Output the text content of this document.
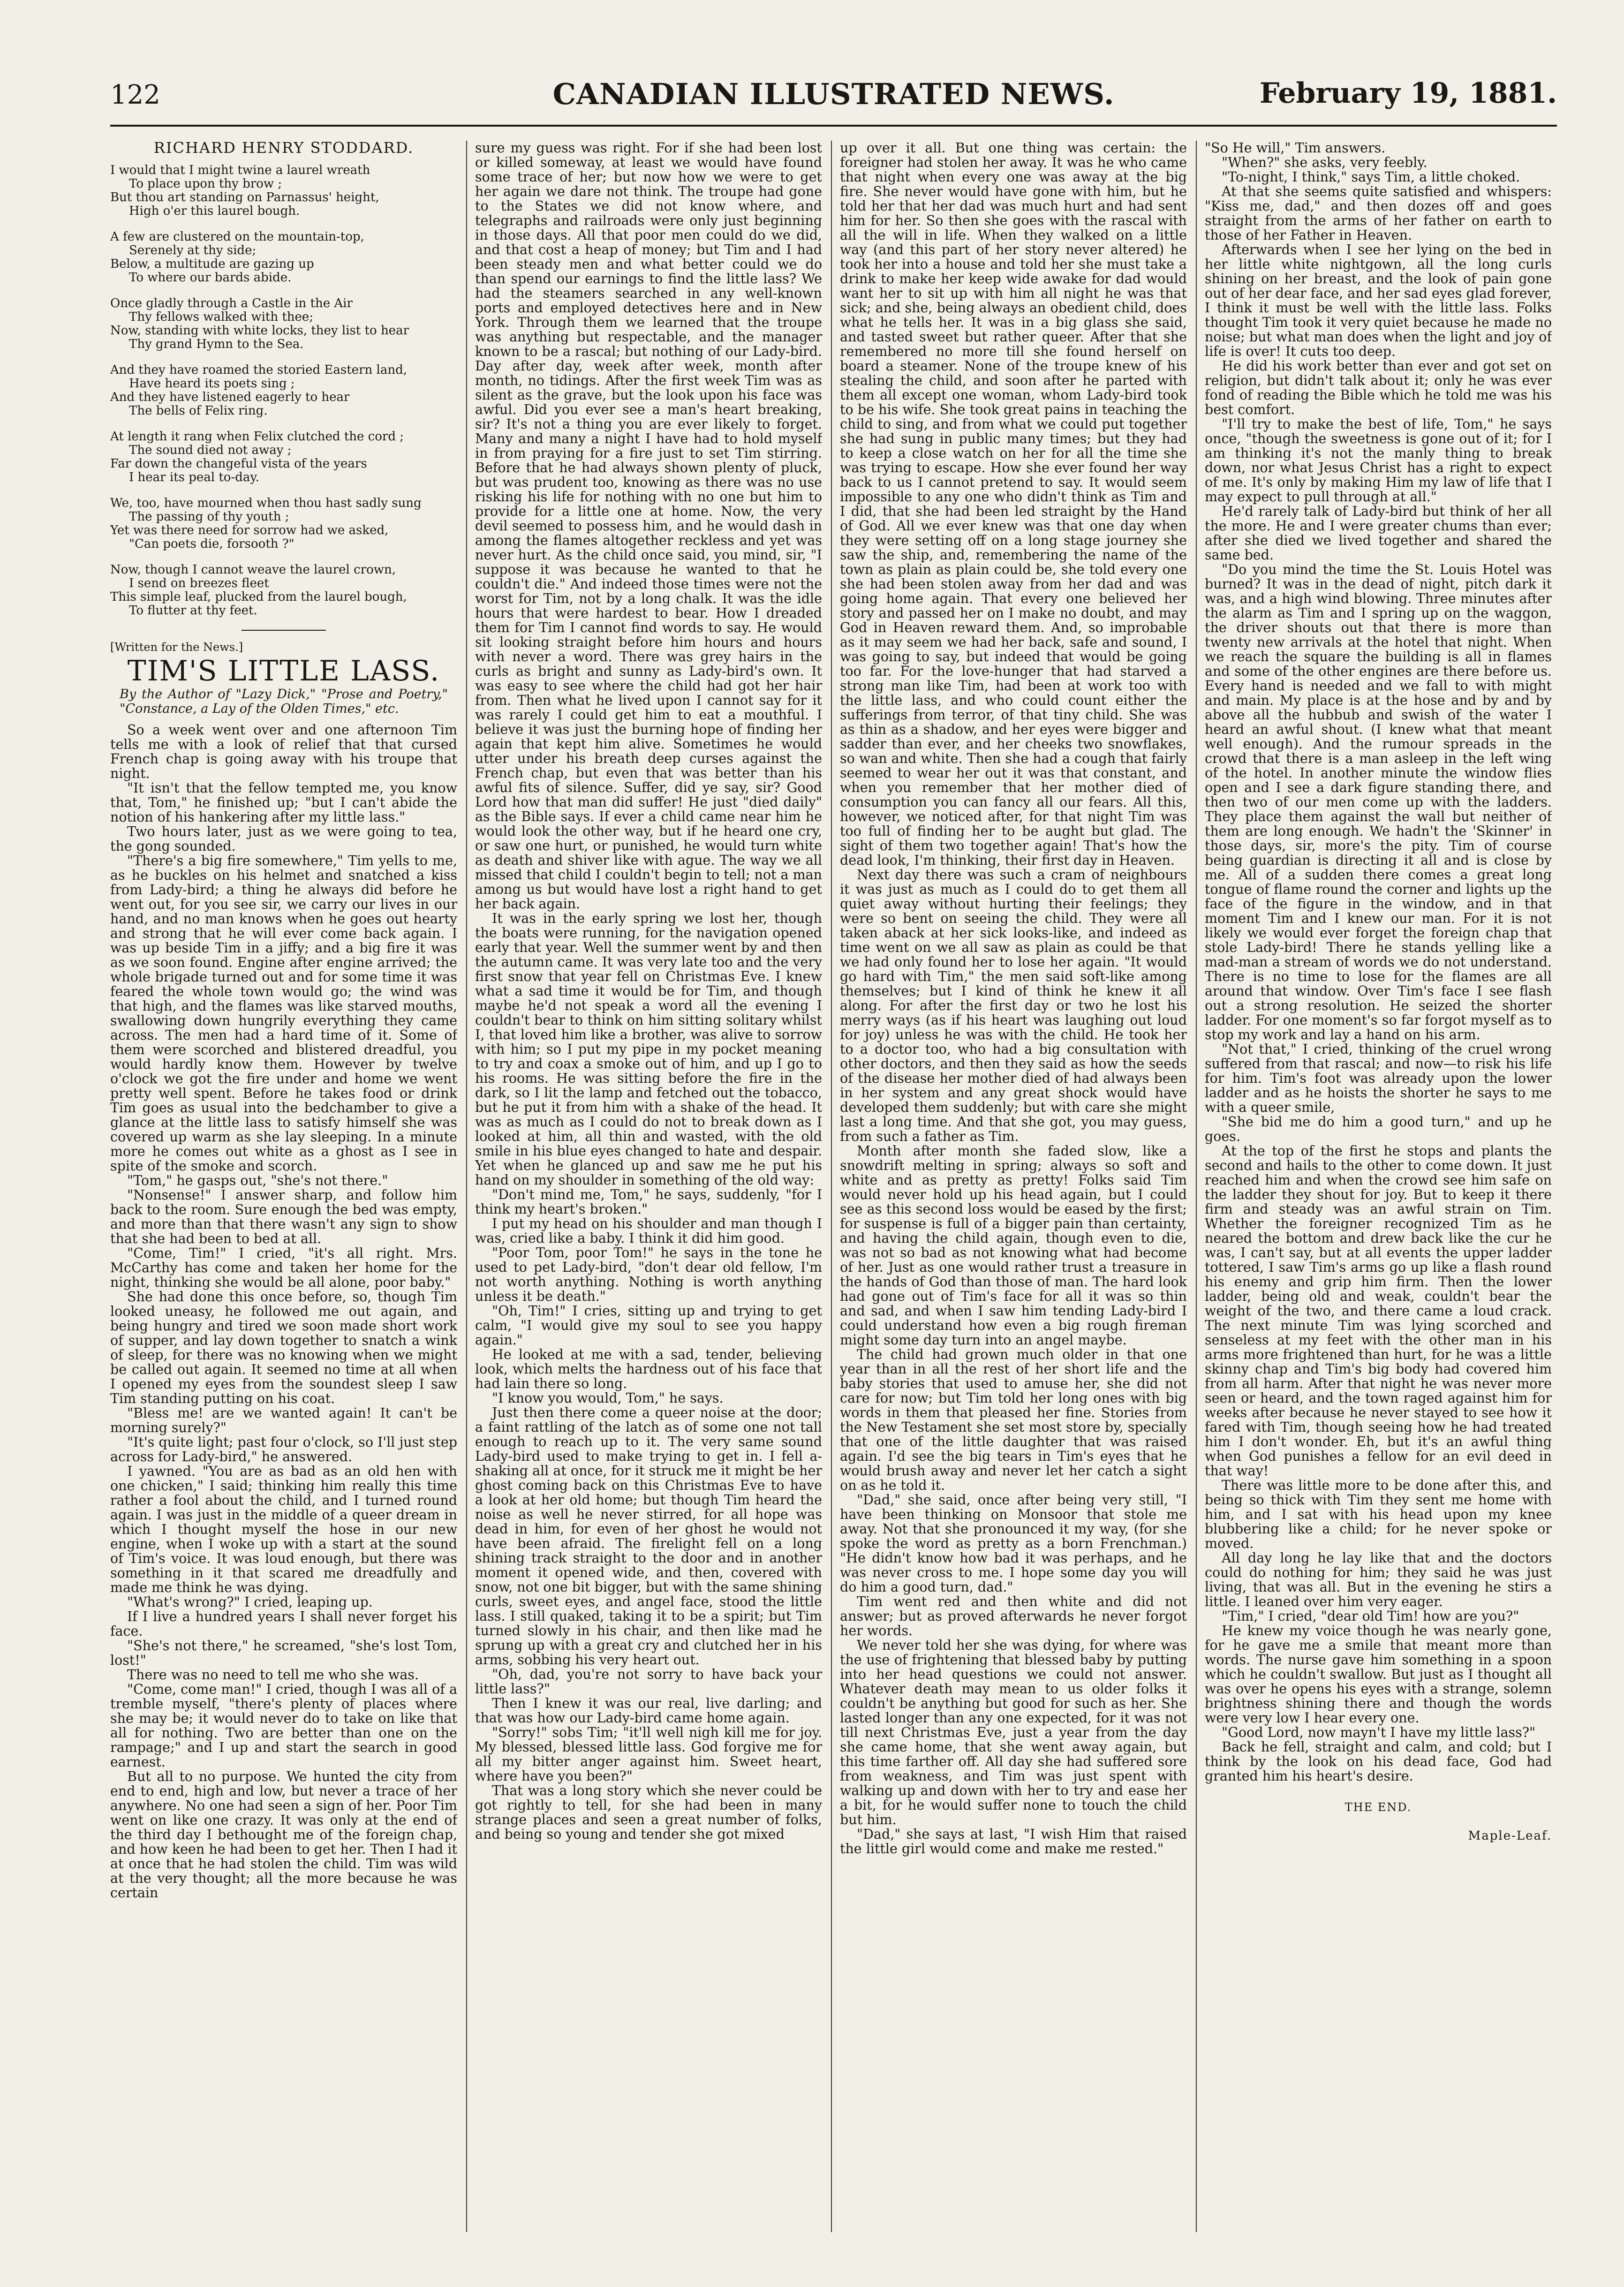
122	CANADIAN ILLUSTRATED NEWS.	February 19, 1881.
RICHARD HENRY STODDARD.
I would that I might twine a laurel wreath
To place upon thy brow ;
But thou art standing on Parnassus' height,
High o'er this laurel bough.
A few are clustered on the mountain-top,
Serenely at thy side;
Below, a multitude are gazing up
To where our bards abide.
Once gladly through a Castle in the Air
Thy fellows walked with thee;
Now, standing with white locks, they list to hear
Thy grand Hymn to the Sea.
And they have roamed the storied Eastern land,
Have heard its poets sing ;
And they have listened eagerly to hear
The bells of Felix ring.
At length it rang when Felix clutched the cord ;
The sound died not away ;
Far down the changeful vista of the years
I hear its peal to-day.
We, too, have mourned when thou hast sadly sung
The passing of thy youth ;
Yet was there need for sorrow had we asked,
"Can poets die, forsooth ?"
Now, though I cannot weave the laurel crown,
I send on breezes fleet
This simple leaf, plucked from the laurel bough,
To flutter at thy feet.
[Written for the News.]
TIM'S LITTLE LASS.
By the Author of "Lazy Dick," "Prose and Poetry," "Constance, a Lay of the Olden Times," etc.

So a week went over and one afternoon Tim tells me with a look of relief that that cursed French chap is going away with his troupe that night.

"It isn't that the fellow tempted me, you know that, Tom," he finished up; "but I can't abide the notion of his hankering after my little lass."

Two hours later, just as we were going to tea, the gong sounded.

"There's a big fire somewhere," Tim yells to me, as he buckles on his helmet and snatched a kiss from Lady-bird; a thing he always did before he went out, for you see sir, we carry our lives in our hand, and no man knows when he goes out hearty and strong that he will ever come back again. I was up beside Tim in a jiffy; and a big fire it was as we soon found. Engine after engine arrived; the whole brigade turned out and for some time it was feared the whole town would go; the wind was that high, and the flames was like starved mouths, swallowing down hungrily everything they came across. The men had a hard time of it. Some of them were scorched and blistered dreadful, you would hardly know them. However by twelve o'clock we got the fire under and home we went pretty well spent. Before he takes food or drink Tim goes as usual into the bedchamber to give a glance at the little lass to satisfy himself she was covered up warm as she lay sleeping. In a minute more he comes out white as a ghost as I see in spite of the smoke and scorch.

"Tom," he gasps out, "she's not there."

"Nonsense!" I answer sharp, and follow him back to the room. Sure enough the bed was empty, and more than that there wasn't any sign to show that she had been to bed at all.

"Come, Tim!" I cried, "it's all right. Mrs. McCarthy has come and taken her home for the night, thinking she would be all alone, poor baby."

She had done this once before, so, though Tim looked uneasy, he followed me out again, and being hungry and tired we soon made short work of supper, and lay down together to snatch a wink of sleep, for there was no knowing when we might be called out again. It seemed no time at all when I opened my eyes from the soundest sleep I saw Tim standing putting on his coat.

"Bless me! are we wanted again! It can't be morning surely?"

"It's quite light; past four o'clock, so I'll just step across for Lady-bird," he answered.

I yawned. "You are as bad as an old hen with one chicken," I said; thinking him really this time rather a fool about the child, and I turned round again. I was just in the middle of a queer dream in which I thought myself the hose in our new engine, when I woke up with a start at the sound of Tim's voice. It was loud enough, but there was something in it that scared me dreadfully and made me think he was dying.

"What's wrong?" I cried, leaping up.

If I live a hundred years I shall never forget his face.

"She's not there," he screamed, "she's lost Tom, lost!"

There was no need to tell me who she was.

"Come, come man!" I cried, though I was all of a tremble myself, "there's plenty of places where she may be; it would never do to take on like that all for nothing. Two are better than one on the rampage;" and I up and start the search in good earnest.

But all to no purpose. We hunted the city from end to end, high and low, but never a trace of her anywhere. No one had seen a sign of her. Poor Tim went on like one crazy. It was only at the end of the third day I bethought me of the foreign chap, and how keen he had been to get her. Then I had it at once that he had stolen the child. Tim was wild at the very thought; all the more because he was certain

sure my guess was right. For if she had been lost or killed someway, at least we would have found some trace of her; but now how we were to get her again we dare not think. The troupe had gone to the States we did not know where, and telegraphs and railroads were only just beginning in those days. All that poor men could do we did, and that cost a heap of money; but Tim and I had been steady men and what better could we do than spend our earnings to find the little lass? We had the steamers searched in any well-known ports and employed detectives here and in New York. Through them we learned that the troupe was anything but respectable, and the manager known to be a rascal; but nothing of our Lady-bird. Day after day, week after week, month after month, no tidings. After the first week Tim was as silent as the grave, but the look upon his face was awful. Did you ever see a man's heart breaking, sir? It's not a thing you are ever likely to forget. Many and many a night I have had to hold myself in from praying for a fire just to set Tim stirring. Before that he had always shown plenty of pluck, but was prudent too, knowing as there was no use risking his life for nothing with no one but him to provide for a little one at home. Now, the very devil seemed to possess him, and he would dash in among the flames altogether reckless and yet was never hurt. As the child once said, you mind, sir, "I suppose it was because he wanted to that he couldn't die." And indeed those times were not the worst for Tim, not by a long chalk. It was the idle hours that were hardest to bear. How I dreaded them for Tim I cannot find words to say. He would sit looking straight before him hours and hours with never a word. There was grey hairs in the curls as bright and sunny as Lady-bird's own. It was easy to see where the child had got her hair from. Then what he lived upon I cannot say for it was rarely I could get him to eat a mouthful. I believe it was just the burning hope of finding her again that kept him alive. Sometimes he would utter under his breath deep curses against the French chap, but even that was better than his awful fits of silence. Suffer, did ye say, sir? Good Lord how that man did suffer! He just "died daily" as the Bible says. If ever a child came near him he would look the other way, but if he heard one cry, or saw one hurt, or punished, he would turn white as death and shiver like with ague. The way we all missed that child I couldn't begin to tell; not a man among us but would have lost a right hand to get her back again.

It was in the early spring we lost her, though the boats were running, for the navigation opened early that year. Well the summer went by and then the autumn came. It was very late too and the very first snow that year fell on Christmas Eve. I knew what a sad time it would be for Tim, and though maybe he'd not speak a word all the evening I couldn't bear to think on him sitting solitary whilst I, that loved him like a brother, was alive to sorrow with him; so I put my pipe in my pocket meaning to try and coax a smoke out of him, and up I go to his rooms. He was sitting before the fire in the dark, so I lit the lamp and fetched out the tobacco, but he put it from him with a shake of the head. It was as much as I could do not to break down as I looked at him, all thin and wasted, with the old smile in his blue eyes changed to hate and despair. Yet when he glanced up and saw me he put his hand on my shoulder in something of the old way:

"Don't mind me, Tom," he says, suddenly, "for I think my heart's broken."

I put my head on his shoulder and man though I was, cried like a baby. I think it did him good.

"Poor Tom, poor Tom!" he says in the tone he used to pet Lady-bird, "don't dear old fellow, I'm not worth anything. Nothing is worth anything unless it be death."

"Oh, Tim!" I cries, sitting up and trying to get calm, "I would give my soul to see you happy again."

He looked at me with a sad, tender, believing look, which melts the hardness out of his face that had lain there so long.

"I know you would, Tom," he says.

Just then there come a queer noise at the door; a faint rattling of the latch as of some one not tall enough to reach up to it. The very same sound Lady-bird used to make trying to get in. I fell a-shaking all at once, for it struck me it might be her ghost coming back on this Christmas Eve to have a look at her old home; but though Tim heard the noise as well he never stirred, for all hope was dead in him, for even of her ghost he would not have been afraid. The firelight fell on a long shining track straight to the door and in another moment it opened wide, and then, covered with snow, not one bit bigger, but with the same shining curls, sweet eyes, and angel face, stood the little lass. I still quaked, taking it to be a spirit; but Tim turned slowly in his chair, and then like mad he sprung up with a great cry and clutched her in his arms, sobbing his very heart out.

"Oh, dad, you're not sorry to have back your little lass?"

Then I knew it was our real, live darling; and that was how our Lady-bird came home again.

"Sorry!" sobs Tim; "it'll well nigh kill me for joy. My blessed, blessed little lass. God forgive me for all my bitter anger against him. Sweet heart, where have you been?"

That was a long story which she never could be got rightly to tell, for she had been in many strange places and seen a great number of folks, and being so young and tender she got mixed

up over it all. But one thing was certain: the foreigner had stolen her away. It was he who came that night when every one was away at the big fire. She never would have gone with him, but he told her that her dad was much hurt and had sent him for her. So then she goes with the rascal with all the will in life. When they walked on a little way (and this part of her story never altered) he took her into a house and told her she must take a drink to make her keep wide awake for dad would want her to sit up with him all night he was that sick; and she, being always an obedient child, does what he tells her. It was in a big glass she said, and tasted sweet but rather queer. After that she remembered no more till she found herself on board a steamer. None of the troupe knew of his stealing the child, and soon after he parted with them all except one woman, whom Lady-bird took to be his wife. She took great pains in teaching the child to sing, and from what we could put together she had sung in public many times; but they had to keep a close watch on her for all the time she was trying to escape. How she ever found her way back to us I cannot pretend to say. It would seem impossible to any one who didn't think as Tim and I did, that she had been led straight by the Hand of God. All we ever knew was that one day when they were setting off on a long stage journey she saw the ship, and, remembering the name of the town as plain as plain could be, she told every one she had been stolen away from her dad and was going home again. That every one believed her story and passed her on I make no doubt, and may God in Heaven reward them. And, so improbable as it may seem we had her back, safe and sound, I was going to say, but indeed that would be going too far. For the love-hunger that had starved a strong man like Tim, had been at work too with the little lass, and who could count either the sufferings from terror, of that tiny child. She was as thin as a shadow, and her eyes were bigger and sadder than ever, and her cheeks two snowflakes, so wan and white. Then she had a cough that fairly seemed to wear her out it was that constant, and when you remember that her mother died of consumption you can fancy all our fears. All this, however, we noticed after, for that night Tim was too full of finding her to be aught but glad. The sight of them two together again! That's how the dead look, I'm thinking, their first day in Heaven.

Next day there was such a cram of neighbours it was just as much as I could do to get them all quiet away without hurting their feelings; they were so bent on seeing the child. They were all taken aback at her sick looks-like, and indeed as time went on we all saw as plain as could be that we had only found her to lose her again. "It would go hard with Tim," the men said soft-like among themselves; but I kind of think he knew it all along. For after the first day or two he lost his merry ways (as if his heart was laughing out loud for joy) unless he was with the child. He took her to a doctor too, who had a big consultation with other doctors, and then they said as how the seeds of the disease her mother died of had always been in her system and any great shock would have developed them suddenly; but with care she might last a long time. And that she got, you may guess, from such a father as Tim.

Month after month she faded slow, like a snowdrift melting in spring; always so soft and white and as pretty as pretty! Folks said Tim would never hold up his head again, but I could see as this second loss would be eased by the first; for suspense is full of a bigger pain than certainty, and having the child again, though even to die, was not so bad as not knowing what had become of her. Just as one would rather trust a treasure in the hands of God than those of man. The hard look had gone out of Tim's face for all it was so thin and sad, and when I saw him tending Lady-bird I could understand how even a big rough fireman might some day turn into an angel maybe.

The child had grown much older in that one year than in all the rest of her short life and the baby stories that used to amuse her, she did not care for now; but Tim told her long ones with big words in them that pleased her fine. Stories from the New Testament she set most store by, specially that one of the little daughter that was raised again. I'd see the big tears in Tim's eyes that he would brush away and never let her catch a sight on as he told it.

"Dad," she said, once after being very still, "I have been thinking on Monsoor that stole me away. Not that she pronounced it my way, (for she spoke the word as pretty as a born Frenchman.) "He didn't know how bad it was perhaps, and he was never cross to me. I hope some day you will do him a good turn, dad."

Tim went red and then white and did not answer; but as proved afterwards he never forgot her words.

We never told her she was dying, for where was the use of frightening that blessed baby by putting into her head questions we could not answer. Whatever death may mean to us older folks it couldn't be anything but good for such as her. She lasted longer than any one expected, for it was not till next Christmas Eve, just a year from the day she came home, that she went away again, but this time farther off. All day she had suffered sore from weakness, and Tim was just spent with walking up and down with her to try and ease her a bit, for he would suffer none to touch the child but him.

"Dad," she says at last, "I wish Him that raised the little girl would come and make me rested."

"So He will," Tim answers.

"When?" she asks, very feebly.

"To-night, I think," says Tim, a little choked.

At that she seems quite satisfied and whispers: "Kiss me, dad," and then dozes off and goes straight from the arms of her father on earth to those of her Father in Heaven.

Afterwards when I see her lying on the bed in her little white nightgown, all the long curls shining on her breast, and the look of pain gone out of her dear face, and her sad eyes glad forever, I think it must be well with the little lass. Folks thought Tim took it very quiet because he made no noise; but what man does when the light and joy of life is over! It cuts too deep.

He did his work better than ever and got set on religion, but didn't talk about it; only he was ever fond of reading the Bible which he told me was his best comfort.

"I'll try to make the best of life, Tom," he says once, "though the sweetness is gone out of it; for I am thinking it's not the manly thing to break down, nor what Jesus Christ has a right to expect of me. It's only by making Him my law of life that I may expect to pull through at all."

He'd rarely talk of Lady-bird but think of her all the more. He and I were greater chums than ever; after she died we lived together and shared the same bed.

"Do you mind the time the St. Louis Hotel was burned? It was in the dead of night, pitch dark it was, and a high wind blowing. Three minutes after the alarm as Tim and I spring up on the waggon, the driver shouts out that there is more than twenty new arrivals at the hotel that night. When we reach the square the building is all in flames and some of the other engines are there before us. Every hand is needed and we fall to with might and main. My place is at the hose and by and by above all the hubbub and swish of the water I heard an awful shout. (I knew what that meant well enough). And the rumour spreads in the crowd that there is a man asleep in the left wing of the hotel. In another minute the window flies open and I see a dark figure standing there, and then two of our men come up with the ladders. They place them against the wall but neither of them are long enough. We hadn't the 'Skinner' in those days, sir, more's the pity. Tim of course being guardian is directing it all and is close by me. All of a sudden there comes a great long tongue of flame round the corner and lights up the face of the figure in the window, and in that moment Tim and I knew our man. For it is not likely we would ever forget the foreign chap that stole Lady-bird! There he stands yelling like a mad-man a stream of words we do not understand. There is no time to lose for the flames are all around that window. Over Tim's face I see flash out a strong resolution. He seized the shorter ladder. For one moment's so far forgot myself as to stop my work and lay a hand on his arm.

"Not that," I cried, thinking of the cruel wrong suffered from that rascal; and now—to risk his life for him. Tim's foot was already upon the lower ladder and as he hoists the shorter he says to me with a queer smile,

"She bid me do him a good turn," and up he goes.

At the top of the first he stops and plants the second and hails to the other to come down. It just reached him and when the crowd see him safe on the ladder they shout for joy. But to keep it there firm and steady was an awful strain on Tim. Whether the foreigner recognized Tim as he neared the bottom and drew back like the cur he was, I can't say, but at all events the upper ladder tottered, I saw Tim's arms go up like a flash round his enemy and grip him firm. Then the lower ladder, being old and weak, couldn't bear the weight of the two, and there came a loud crack. The next minute Tim was lying scorched and senseless at my feet with the other man in his arms more frightened than hurt, for he was a little skinny chap and Tim's big body had covered him from all harm. After that night he was never more seen or heard, and the town raged against him for weeks after because he never stayed to see how it fared with Tim, though seeing how he had treated him I don't wonder. Eh, but it's an awful thing when God punishes a fellow for an evil deed in that way!

There was little more to be done after this, and being so thick with Tim they sent me home with him, and I sat with his head upon my knee blubbering like a child; for he never spoke or moved.

All day long he lay like that and the doctors could do nothing for him; they said he was just living, that was all. But in the evening he stirs a little. I leaned over him very eager.

"Tim," I cried, "dear old Tim! how are you?"

He knew my voice though he was nearly gone, for he gave me a smile that meant more than words. The nurse gave him something in a spoon which he couldn't swallow. But just as I thought all was over he opens his eyes with a strange, solemn brightness shining there and though the words were very low I hear every one.

"Good Lord, now mayn't I have my little lass?"

Back he fell, straight and calm, and cold; but I think by the look on his dead face, God had granted him his heart's desire.

THE END.
Maple-Leaf.
